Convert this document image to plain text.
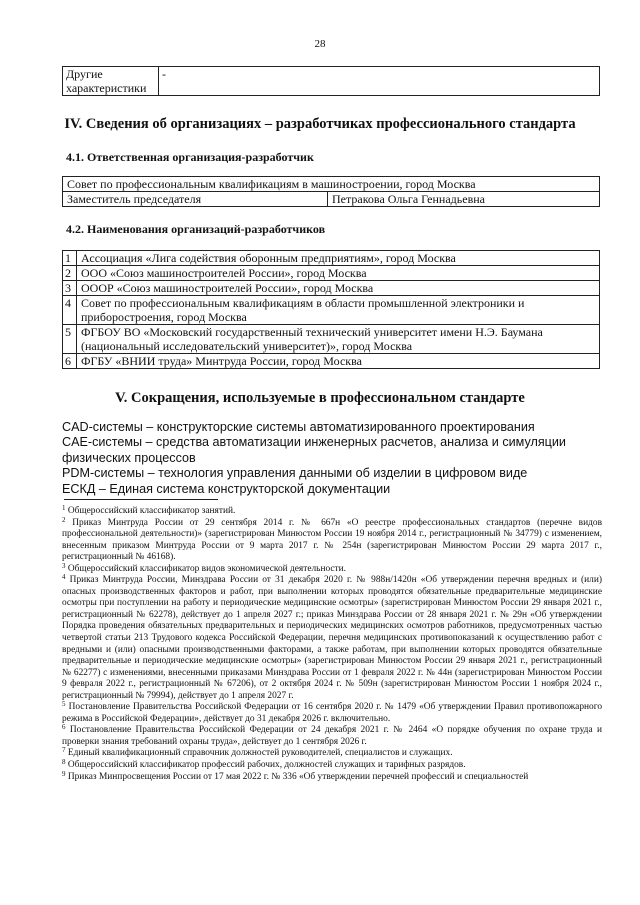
28
Другие характеристики	-
IV. Сведения об организациях – разработчиках профессионального стандарта
4.1. Ответственная организация-разработчик
Совет по профессиональным квалификациям в машиностроении, город Москва
Заместитель председателя	Петракова Ольга Геннадьевна
4.2. Наименования организаций-разработчиков
1	Ассоциация «Лига содействия оборонным предприятиям», город Москва
2	ООО «Союз машиностроителей России», город Москва
3	ОООР «Союз машиностроителей России», город Москва
4	Совет по профессиональным квалификациям в области промышленной электроники и приборостроения, город Москва
5	ФГБОУ ВО «Московский государственный технический университет имени Н.Э. Баумана (национальный исследовательский университет)», город Москва
6	ФГБУ «ВНИИ труда» Минтруда России, город Москва
V. Сокращения, используемые в профессиональном стандарте
CAD-системы – конструкторские системы автоматизированного проектирования
CAE-системы – средства автоматизации инженерных расчетов, анализа и симуляции физических процессов
PDM-системы – технология управления данными об изделии в цифровом виде
ЕСКД – Единая система конструкторской документации

$^1$ Общероссийский классификатор занятий.

$^2$ Приказ Минтруда России от 29 сентября 2014 г. № 667н «О реестре профессиональных стандартов (перечне видов профессиональной деятельности)» (зарегистрирован Минюстом России 19 ноября 2014 г., регистрационный № 34779) с изменением, внесенным приказом Минтруда России от 9 марта 2017 г. № 254н (зарегистрирован Минюстом России 29 марта 2017 г., регистрационный № 46168).

$^3$ Общероссийский классификатор видов экономической деятельности.

$^4$ Приказ Минтруда России, Минздрава России от 31 декабря 2020 г. № 988н/1420н «Об утверждении перечня вредных и (или) опасных производственных факторов и работ, при выполнении которых проводятся обязательные предварительные медицинские осмотры при поступлении на работу и периодические медицинские осмотры» (зарегистрирован Минюстом России 29 января 2021 г., регистрационный № 62278), действует до 1 апреля 2027 г.; приказ Минздрава России от 28 января 2021 г. № 29н «Об утверждении Порядка проведения обязательных предварительных и периодических медицинских осмотров работников, предусмотренных частью четвертой статьи 213 Трудового кодекса Российской Федерации, перечня медицинских противопоказаний к осуществлению работ с вредными и (или) опасными производственными факторами, а также работам, при выполнении которых проводятся обязательные предварительные и периодические медицинские осмотры» (зарегистрирован Минюстом России 29 января 2021 г., регистрационный № 62277) с изменениями, внесенными приказами Минздрава России от 1 февраля 2022 г. № 44н (зарегистрирован Минюстом России 9 февраля 2022 г., регистрационный № 67206), от 2 октября 2024 г. № 509н (зарегистрирован Минюстом России 1 ноября 2024 г., регистрационный № 79994), действует до 1 апреля 2027 г.

$^5$ Постановление Правительства Российской Федерации от 16 сентября 2020 г. № 1479 «Об утверждении Правил противопожарного режима в Российской Федерации», действует до 31 декабря 2026 г. включительно.

$^6$ Постановление Правительства Российской Федерации от 24 декабря 2021 г. № 2464 «О порядке обучения по охране труда и проверки знания требований охраны труда», действует до 1 сентября 2026 г.

$^7$ Единый квалификационный справочник должностей руководителей, специалистов и служащих.

$^8$ Общероссийский классификатор профессий рабочих, должностей служащих и тарифных разрядов.

$^9$ Приказ Минпросвещения России от 17 мая 2022 г. № 336 «Об утверждении перечней профессий и специальностей
